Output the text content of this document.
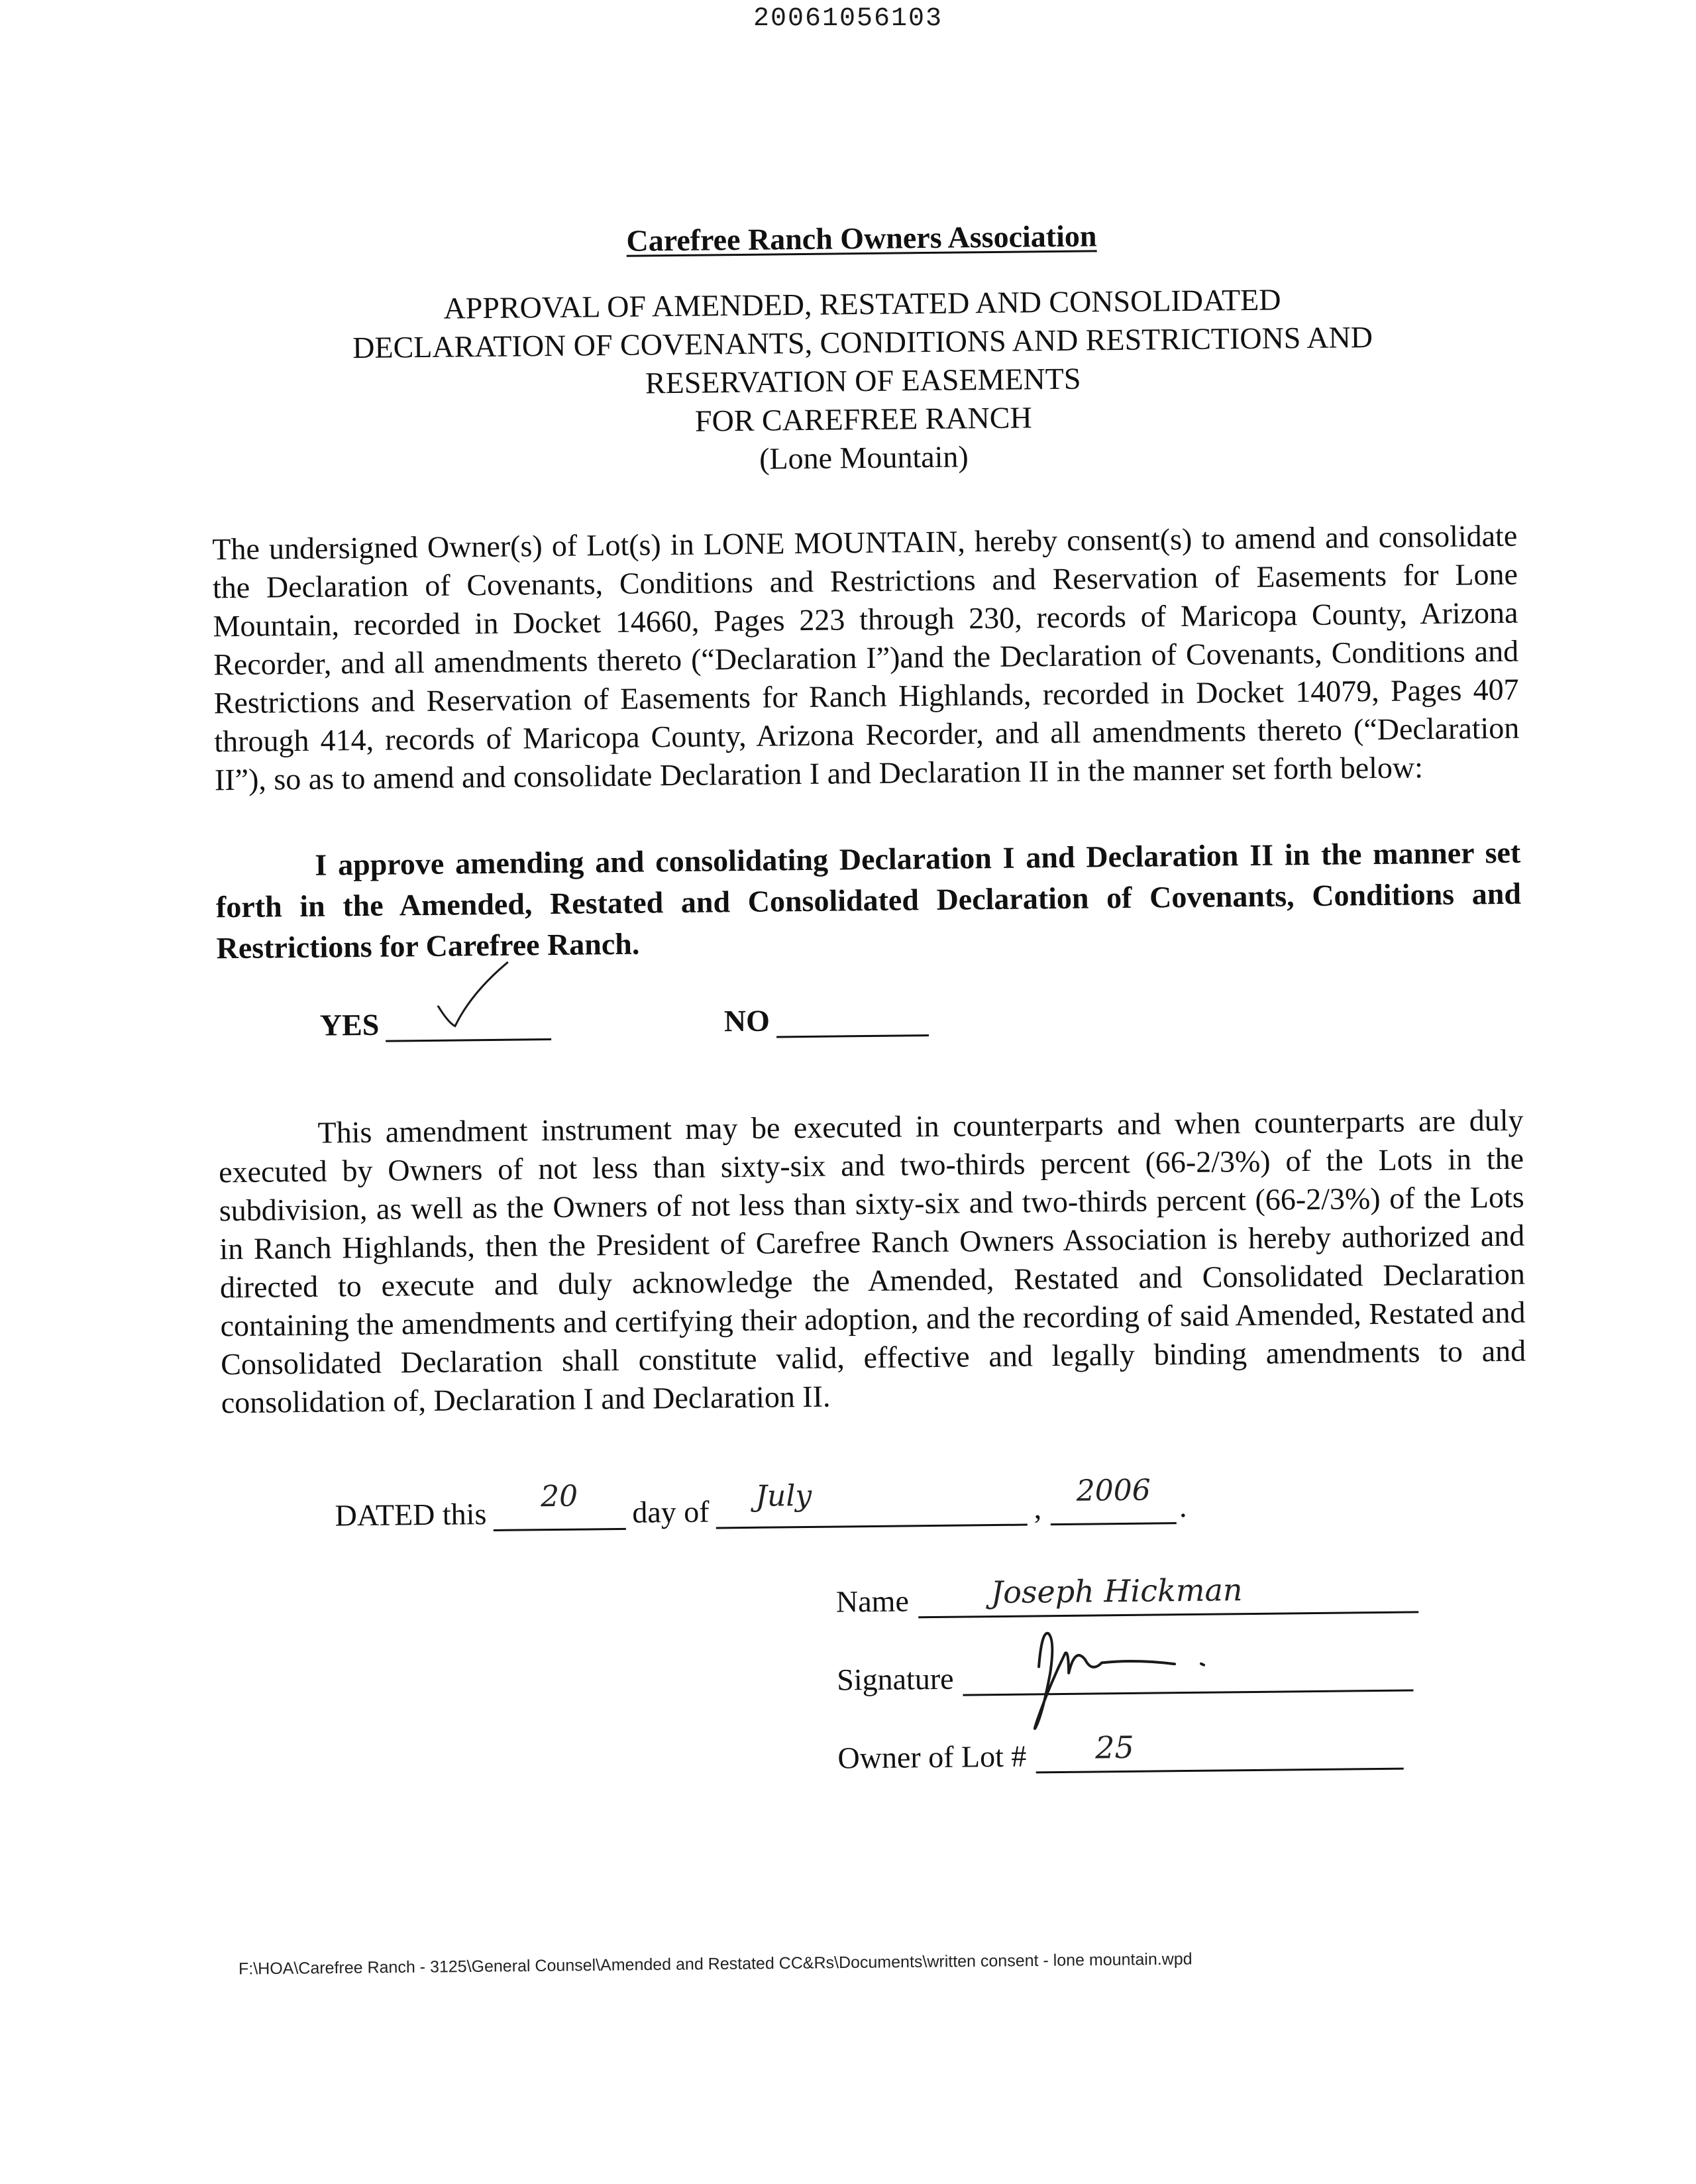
20061056103
Carefree Ranch Owners Association
APPROVAL OF AMENDED, RESTATED AND CONSOLIDATED
DECLARATION OF COVENANTS, CONDITIONS AND RESTRICTIONS AND
RESERVATION OF EASEMENTS
FOR CAREFREE RANCH
(Lone Mountain)

The undersigned Owner(s) of Lot(s) in LONE MOUNTAIN, hereby consent(s) to amend and consolidate the Declaration of Covenants, Conditions and Restrictions and Reservation of Easements for Lone Mountain, recorded in Docket 14660, Pages 223 through 230, records of Maricopa County, Arizona Recorder, and all amendments thereto (“Declaration I”)and the Declaration of Covenants, Conditions and Restrictions and Reservation of Easements for Ranch Highlands, recorded in Docket 14079, Pages 407 through 414, records of Maricopa County, Arizona Recorder, and all amendments thereto (“Declaration II”), so as to amend and consolidate Declaration I and Declaration II in the manner set forth below:

I approve amending and consolidating Declaration I and Declaration II in the manner set forth in the Amended, Restated and Consolidated Declaration of Covenants, Conditions and Restrictions for Carefree Ranch.

YES	NO

This amendment instrument may be executed in counterparts and when counterparts are duly executed by Owners of not less than sixty-six and two-thirds percent (66-2/3%) of the Lots in the subdivision, as well as the Owners of not less than sixty-six and two-thirds percent (66-2/3%) of the Lots in Ranch Highlands, then the President of Carefree Ranch Owners Association is hereby authorized and directed to execute and duly acknowledge the Amended, Restated and Consolidated Declaration containing the amendments and certifying their adoption, and the recording of said Amended, Restated and Consolidated Declaration shall constitute valid, effective and legally binding amendments to and consolidation of, Declaration I and Declaration II.

DATED this
20	day of	July	,
2006 .
Name	Joseph Hickman
Signature
Owner of Lot # 25
F:\HOA\Carefree Ranch - 3125\General Counsel\Amended and Restated CC&Rs\Documents\written consent - lone mountain.wpd
